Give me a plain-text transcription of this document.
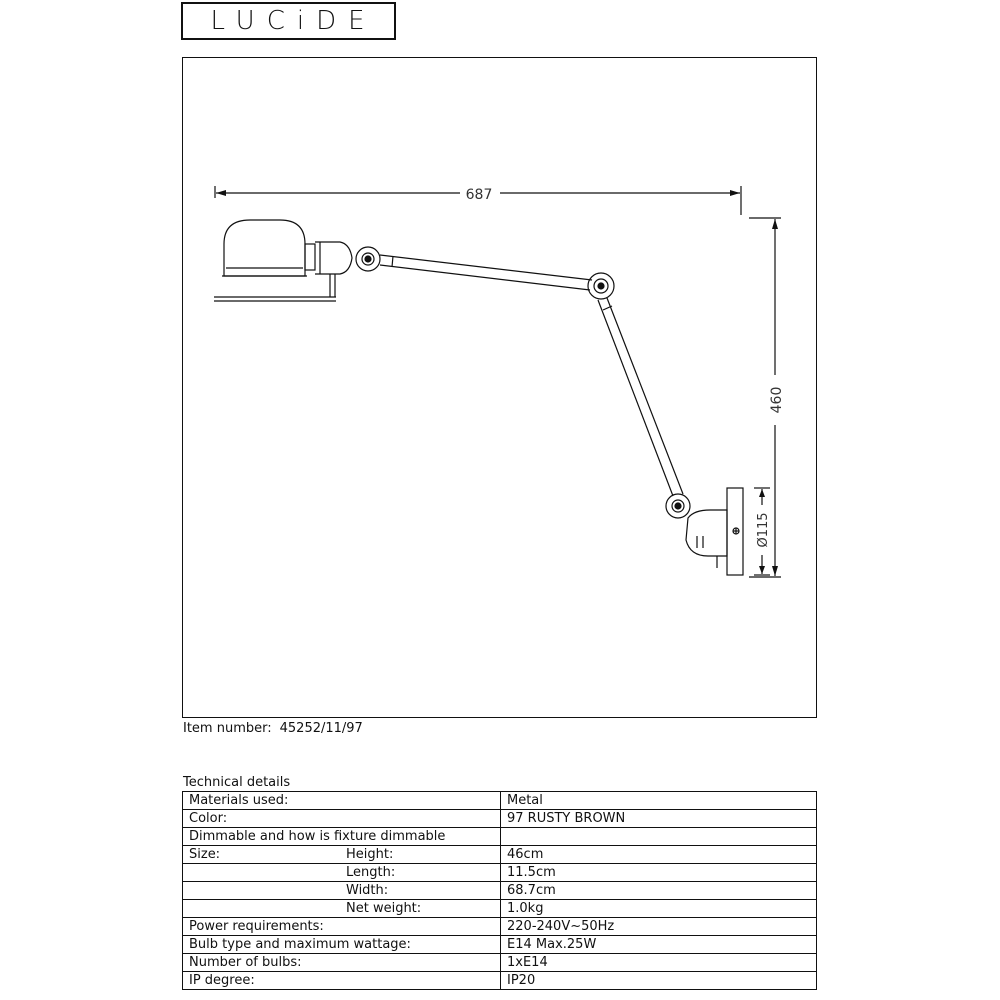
LUCiDE
687
460
Ø115
Item number: 45252/11/97
Technical details
Materials used:	Metal
Color:	97 RUSTY BROWN
Dimmable and how is fixture dimmable

Size: Height:	46cm

Length:	11.5cm

Width:	68.7cm

Net weight:	1.0kg
Power requirements:	220-240V~50Hz
Bulb type and maximum wattage:	E14 Max.25W
Number of bulbs:	1xE14
IP degree:	IP20
